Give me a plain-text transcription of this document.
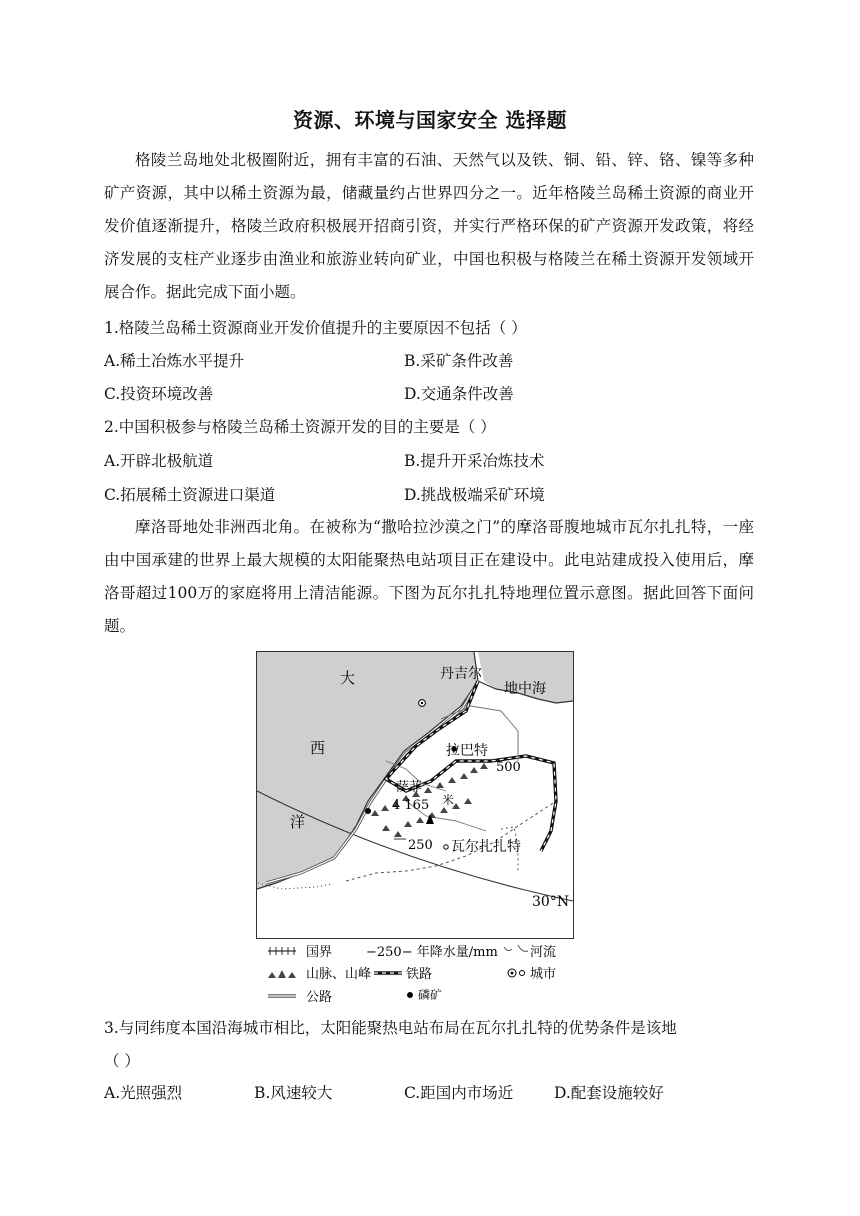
资源、环境与国家安全 选择题
格陵兰岛地处北极圈附近，拥有丰富的石油、天然气以及铁、铜、铅、锌、铬、镍等多种矿产资源，其中以稀土资源为最，储藏量约占世界四分之一。近年格陵兰岛稀土资源的商业开发价值逐渐提升，格陵兰政府积极展开招商引资，并实行严格环保的矿产资源开发政策，将经济发展的支柱产业逐步由渔业和旅游业转向矿业，中国也积极与格陵兰在稀土资源开发领域开展合作。据此完成下面小题。
1.格陵兰岛稀土资源商业开发价值提升的主要原因不包括（ ）
A.稀土冶炼水平提升	B.采矿条件改善
C.投资环境改善	D.交通条件改善
2.中国积极参与格陵兰岛稀土资源开发的目的主要是（ ）
A.开辟北极航道	B.提升开采冶炼技术
C.拓展稀土资源进口渠道	D.挑战极端采矿环境
摩洛哥地处非洲西北角。在被称为“撒哈拉沙漠之门”的摩洛哥腹地城市瓦尔扎扎特，一座由中国承建的世界上最大规模的太阳能聚热电站项目正在建设中。此电站建成投入使用后，摩洛哥超过100万的家庭将用上清洁能源。下图为瓦尔扎扎特地理位置示意图。据此回答下面问题。
大
西
洋
丹吉尔
地中海
拉巴特
萨菲
4 165 米
500
250 瓦尔扎扎特
30°N
国界	−250− 年降水量/mm 河流
山脉、山峰	铁路	城市
公路	磷矿
3.与同纬度本国沿海城市相比，太阳能聚热电站布局在瓦尔扎扎特的优势条件是该地
（ ）
A.光照强烈	B.风速较大	C.距国内市场近	D.配套设施较好
